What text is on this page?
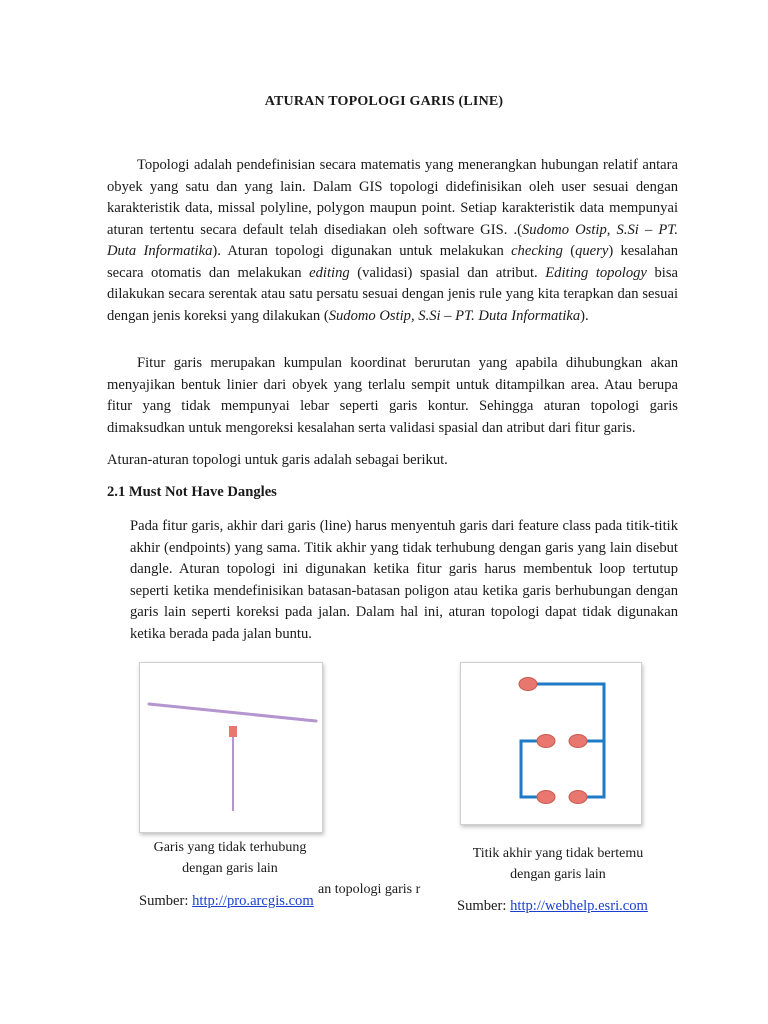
ATURAN TOPOLOGI GARIS (LINE)

Topologi adalah pendefinisian secara matematis yang menerangkan hubungan relatif antara obyek yang satu dan yang lain. Dalam GIS topologi didefinisikan oleh user sesuai dengan karakteristik data, missal polyline, polygon maupun point. Setiap karakteristik data mempunyai aturan tertentu secara default telah disediakan oleh software GIS. .(Sudomo Ostip, S.Si – PT. Duta Informatika). Aturan topologi digunakan untuk melakukan checking (query) kesalahan secara otomatis dan melakukan editing (validasi) spasial dan atribut. Editing topology bisa dilakukan secara serentak atau satu persatu sesuai dengan jenis rule yang kita terapkan dan sesuai dengan jenis koreksi yang dilakukan (Sudomo Ostip, S.Si – PT. Duta Informatika).

Fitur garis merupakan kumpulan koordinat berurutan yang apabila dihubungkan akan menyajikan bentuk linier dari obyek yang terlalu sempit untuk ditampilkan area. Atau berupa fitur yang tidak mempunyai lebar seperti garis kontur. Sehingga aturan topologi garis dimaksudkan untuk mengoreksi kesalahan serta validasi spasial dan atribut dari fitur garis.

Aturan-aturan topologi untuk garis adalah sebagai berikut.

2.1 Must Not Have Dangles

Pada fitur garis, akhir dari garis (line) harus menyentuh garis dari feature class pada titik-titik akhir (endpoints) yang sama. Titik akhir yang tidak terhubung dengan garis yang lain disebut dangle. Aturan topologi ini digunakan ketika fitur garis harus membentuk loop tertutup seperti ketika mendefinisikan batasan-batasan poligon atau ketika garis berhubungan dengan garis lain seperti koreksi pada jalan. Dalam hal ini, aturan topologi dapat tidak digunakan ketika berada pada jalan buntu.

Garis yang tidak terhubung
dengan garis lain
Titik akhir yang tidak bertemu
dengan garis lain
an topologi garis r
Sumber: http://pro.arcgis.com	Sumber: http://webhelp.esri.com
